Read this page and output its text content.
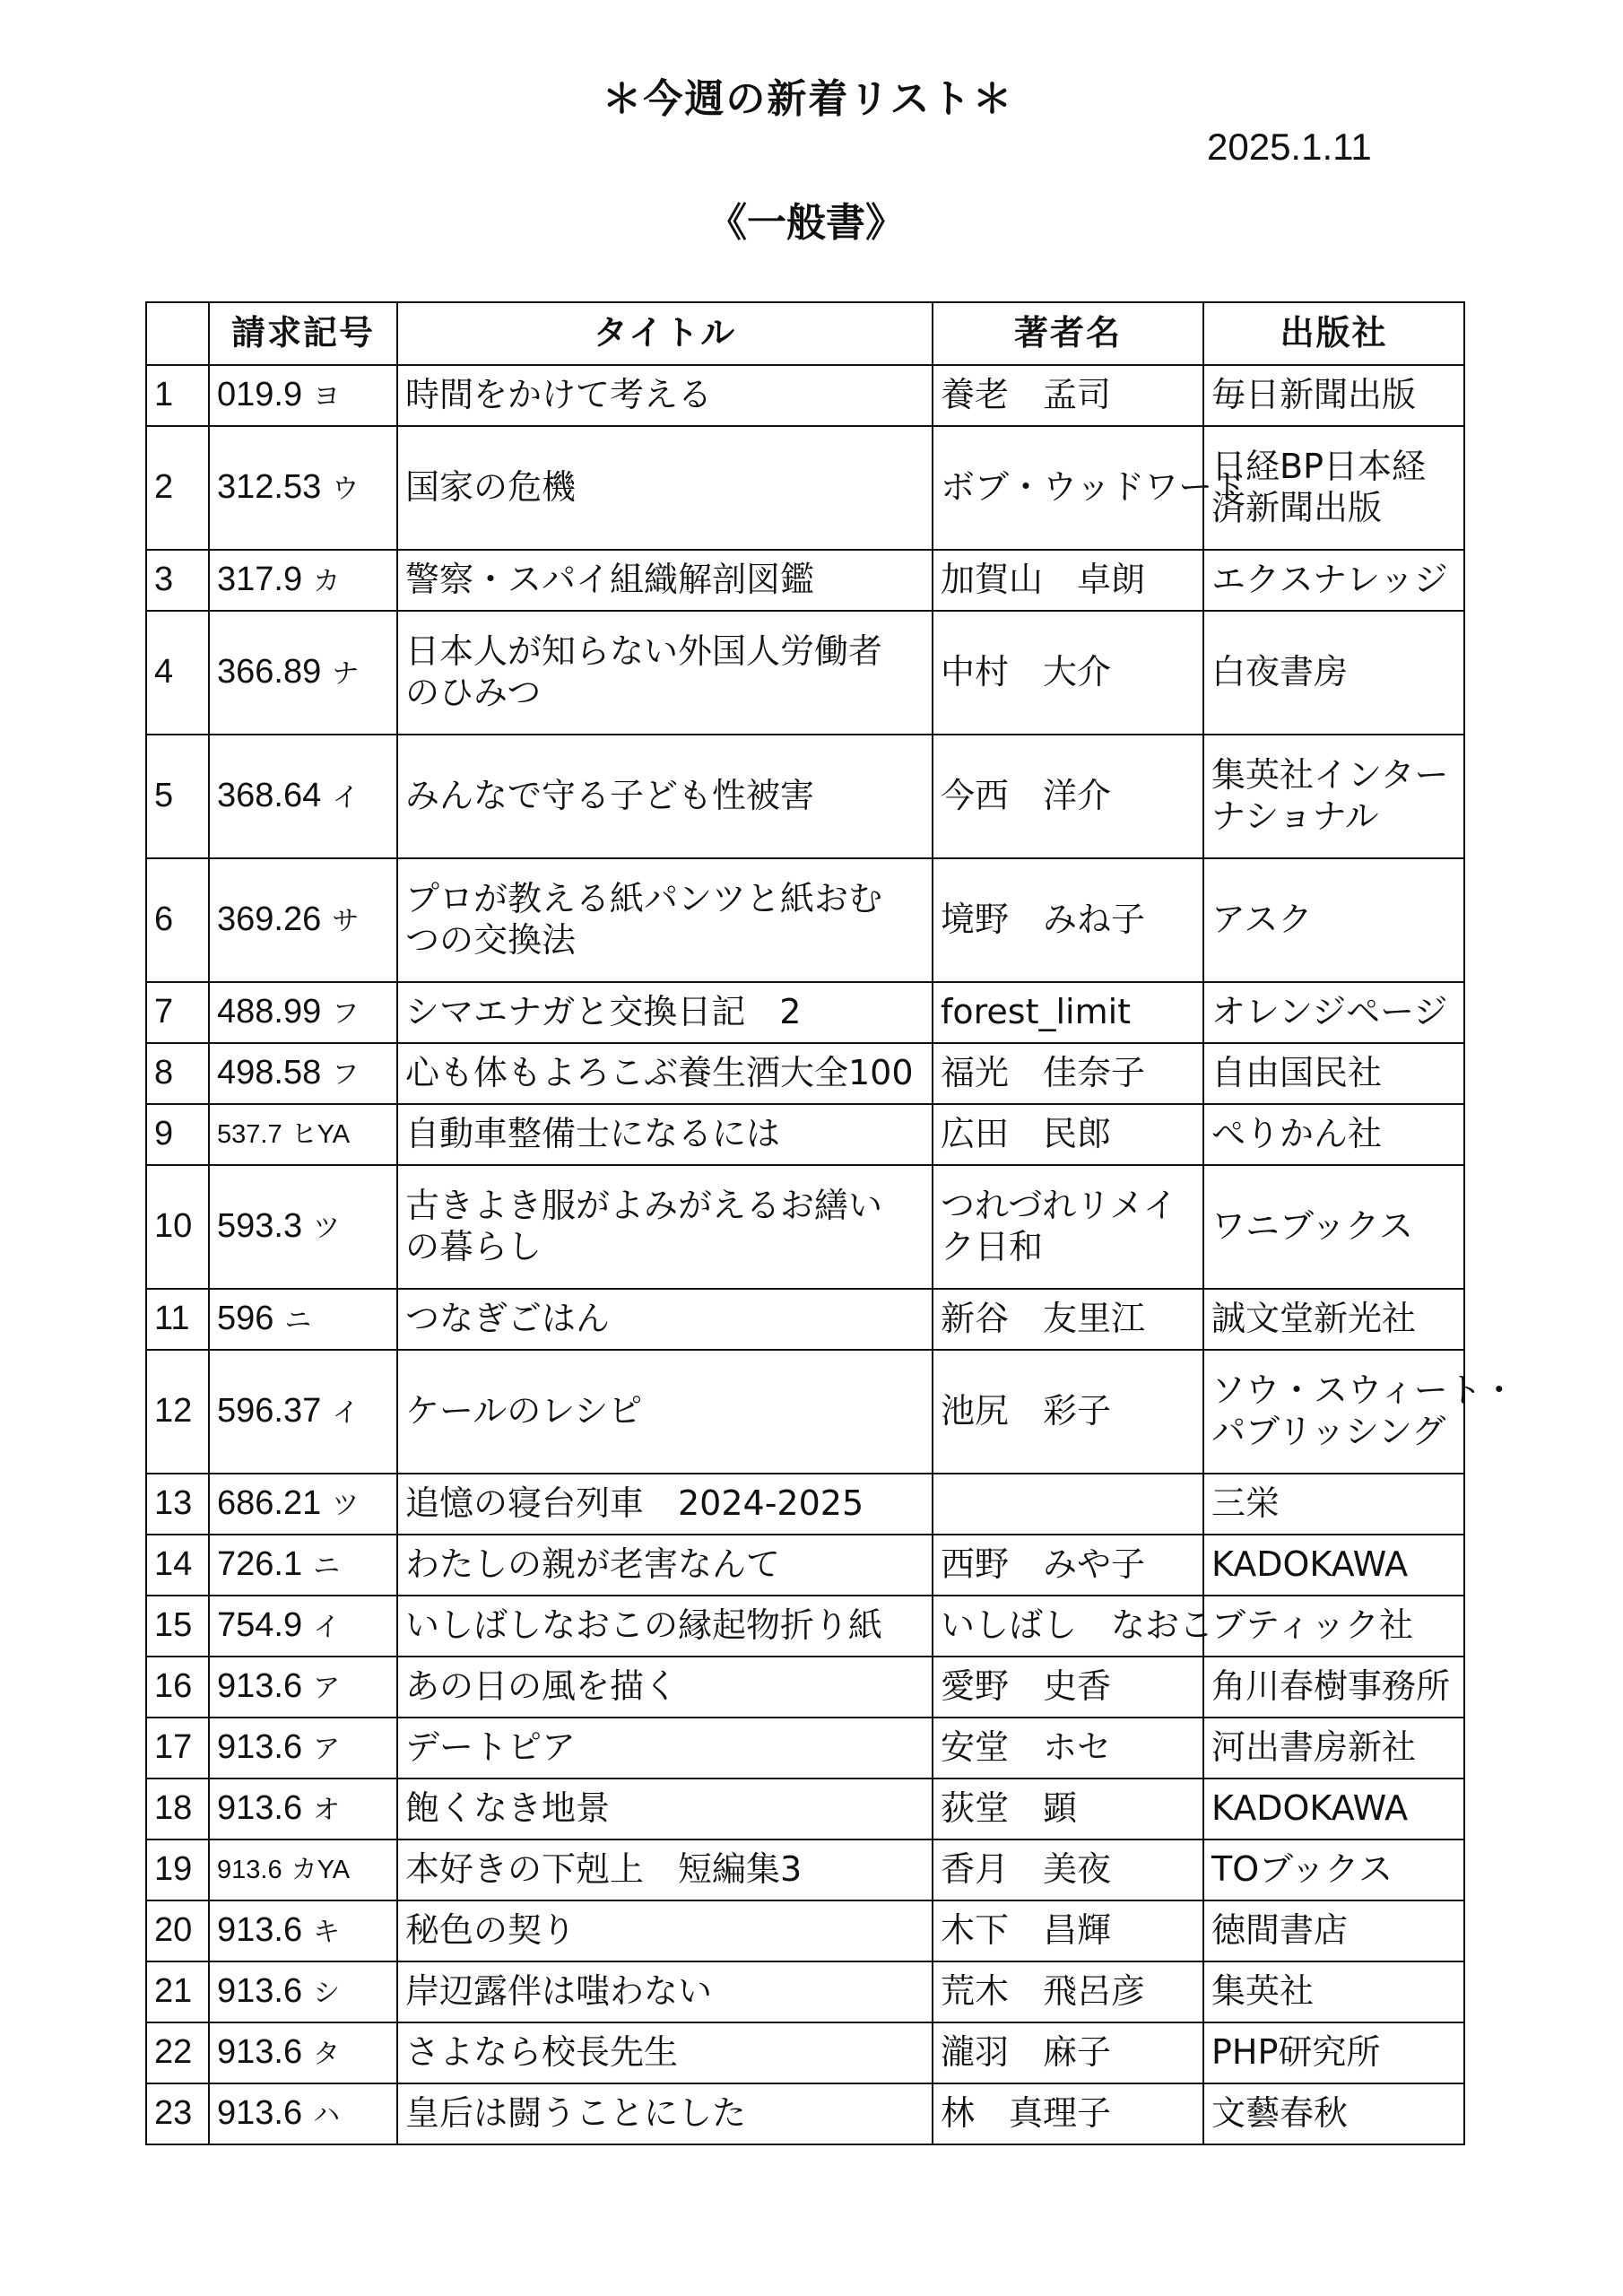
＊今週の新着リスト＊
2025.1.11
《一般書》
	請求記号	タイトル	著者名	出版社
1	019.9 ヨ	時間をかけて考える	養老　孟司	毎日新聞出版
2	312.53 ウ	国家の危機	ボブ・ウッドワード	日経BP日本経
済新聞出版
3	317.9 カ	警察・スパイ組織解剖図鑑	加賀山　卓朗	エクスナレッジ
4	366.89 ナ	日本人が知らない外国人労働者
のひみつ	中村　大介	白夜書房
5	368.64 イ	みんなで守る子ども性被害	今西　洋介	集英社インター
ナショナル
6	369.26 サ	プロが教える紙パンツと紙おむ
つの交換法	境野　みね子	アスク
7	488.99 フ	シマエナガと交換日記　2	forest_limit	オレンジページ
8	498.58 フ	心も体もよろこぶ養生酒大全100	福光　佳奈子	自由国民社
9	537.7 ヒYA	自動車整備士になるには	広田　民郎	ぺりかん社
10	593.3 ツ	古きよき服がよみがえるお繕い
の暮らし	つれづれリメイ
ク日和	ワニブックス
11	596 ニ	つなぎごはん	新谷　友里江	誠文堂新光社
12	596.37 イ	ケールのレシピ	池尻　彩子	ソウ・スウィート・
パブリッシング
13	686.21 ツ	追憶の寝台列車　2024-2025		三栄
14	726.1 ニ	わたしの親が老害なんて	西野　みや子	KADOKAWA
15	754.9 イ	いしばしなおこの縁起物折り紙	いしばし　なおこ	ブティック社
16	913.6 ア	あの日の風を描く	愛野　史香	角川春樹事務所
17	913.6 ア	デートピア	安堂　ホセ	河出書房新社
18	913.6 オ	飽くなき地景	荻堂　顕	KADOKAWA
19	913.6 カYA	本好きの下剋上　短編集3	香月　美夜	TOブックス
20	913.6 キ	秘色の契り	木下　昌輝	徳間書店
21	913.6 シ	岸辺露伴は嗤わない	荒木　飛呂彦	集英社
22	913.6 タ	さよなら校長先生	瀧羽　麻子	PHP研究所
23	913.6 ハ	皇后は闘うことにした	林　真理子	文藝春秋
